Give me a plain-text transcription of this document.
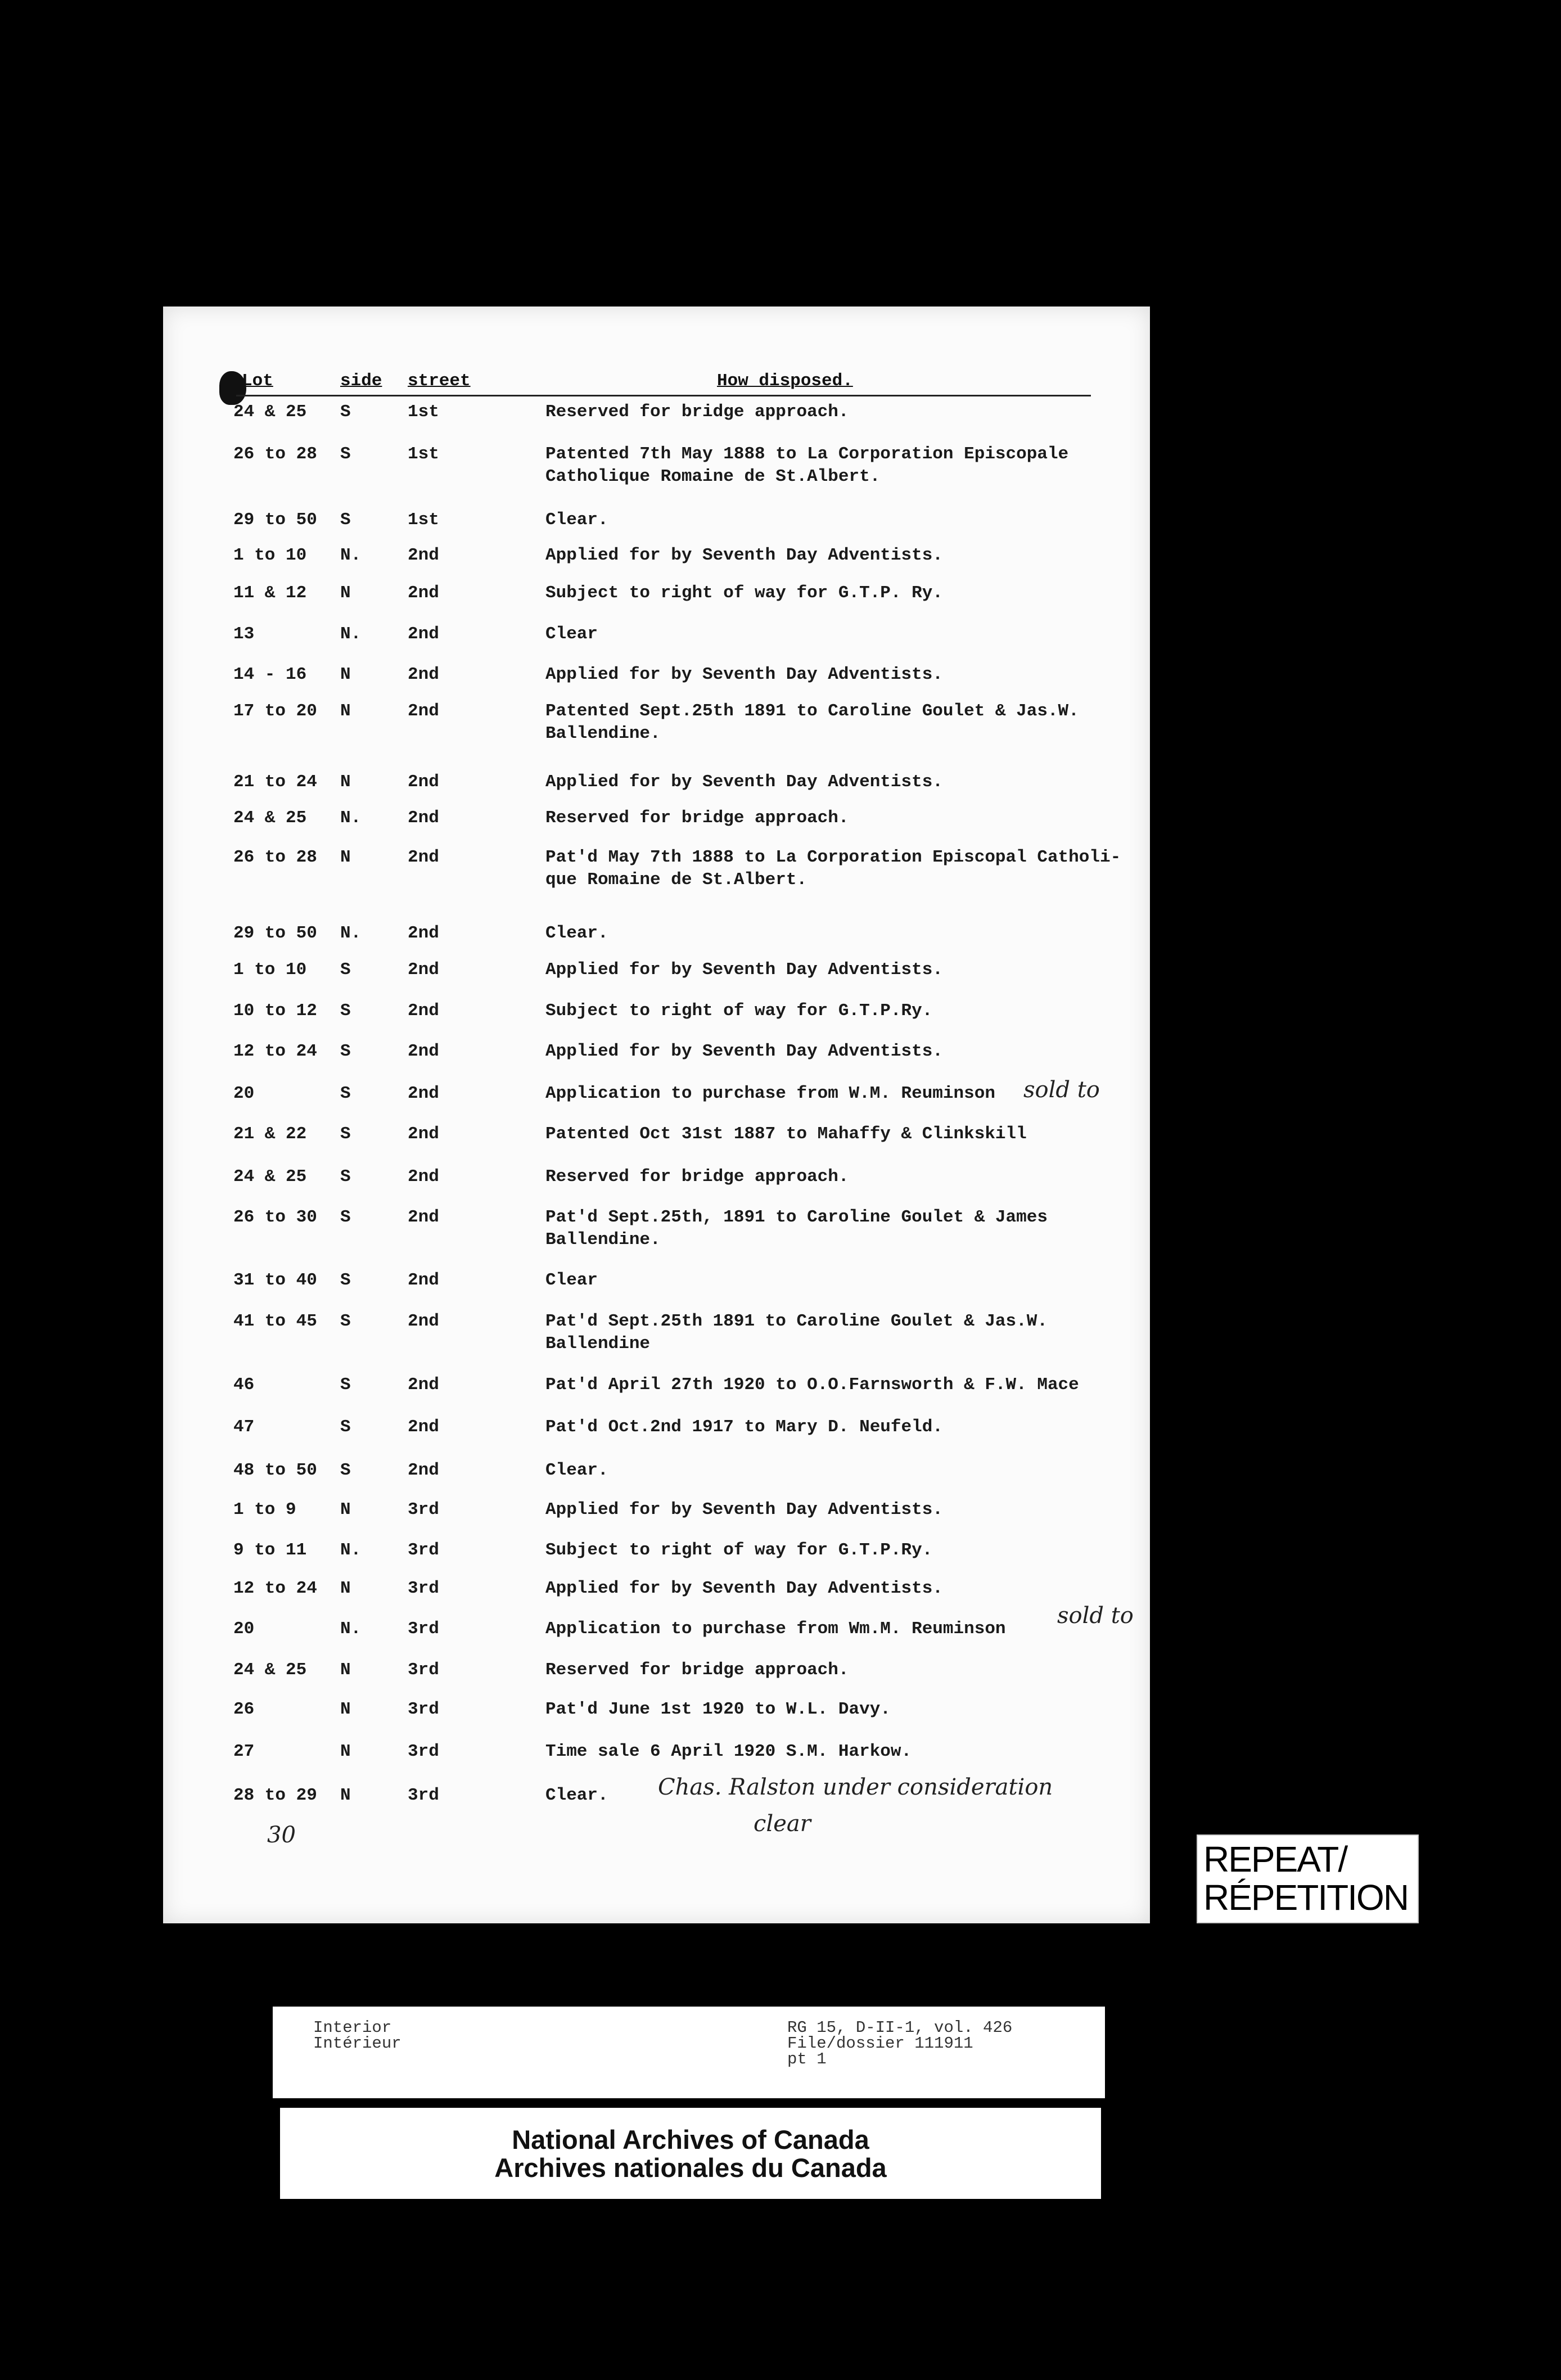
Lot	side street	How disposed.
24 & 25	S	1st	Reserved for bridge approach.
26 to 28	S	1st	Patented 7th May 1888 to La Corporation Episcopale
Catholique Romaine de St.Albert.
29 to 50	S	1st	Clear.
1 to 10	N.	2nd	Applied for by Seventh Day Adventists.
11 & 12	N	2nd	Subject to right of way for G.T.P. Ry.
13	N.	2nd	Clear
14 - 16	N	2nd	Applied for by Seventh Day Adventists.
17 to 20	N	2nd	Patented Sept.25th 1891 to Caroline Goulet & Jas.W.
Ballendine.
21 to 24	N	2nd	Applied for by Seventh Day Adventists.
24 & 25	N.	2nd	Reserved for bridge approach.
26 to 28	N	2nd	Pat'd May 7th 1888 to La Corporation Episcopal Catholi-
que Romaine de St.Albert.
29 to 50	N.	2nd	Clear.
1 to 10	S	2nd	Applied for by Seventh Day Adventists.
10 to 12	S	2nd	Subject to right of way for G.T.P.Ry.
12 to 24	S	2nd	Applied for by Seventh Day Adventists.
20	S	2nd	Application to purchase from W.M. Reuminson
21 & 22	S	2nd	Patented Oct 31st 1887 to Mahaffy & Clinkskill
24 & 25	S	2nd	Reserved for bridge approach.
26 to 30	S	2nd	Pat'd Sept.25th, 1891 to Caroline Goulet & James
Ballendine.
31 to 40	S	2nd	Clear
41 to 45	S	2nd	Pat'd Sept.25th 1891 to Caroline Goulet & Jas.W.
Ballendine
46	S	2nd	Pat'd April 27th 1920 to O.O.Farnsworth & F.W. Mace
47	S	2nd	Pat'd Oct.2nd 1917 to Mary D. Neufeld.
48 to 50	S	2nd	Clear.
1 to 9	N	3rd	Applied for by Seventh Day Adventists.
9 to 11	N.	3rd	Subject to right of way for G.T.P.Ry.
12 to 24	N	3rd	Applied for by Seventh Day Adventists.
20	N.	3rd	Application to purchase from Wm.M. Reuminson
24 & 25	N	3rd	Reserved for bridge approach.
26	N	3rd	Pat'd June 1st 1920 to W.L. Davy.
27	N	3rd	Time sale 6 April 1920 S.M. Harkow.
28 to 29	N	3rd	Clear.
sold to
sold to
Chas. Ralston under consideration
clear
30
REPEAT/
RÉPETITION
Interior
Intérieur
RG 15, D-II-1, vol. 426
File/dossier 111911
pt 1
National Archives of Canada
Archives nationales du Canada
